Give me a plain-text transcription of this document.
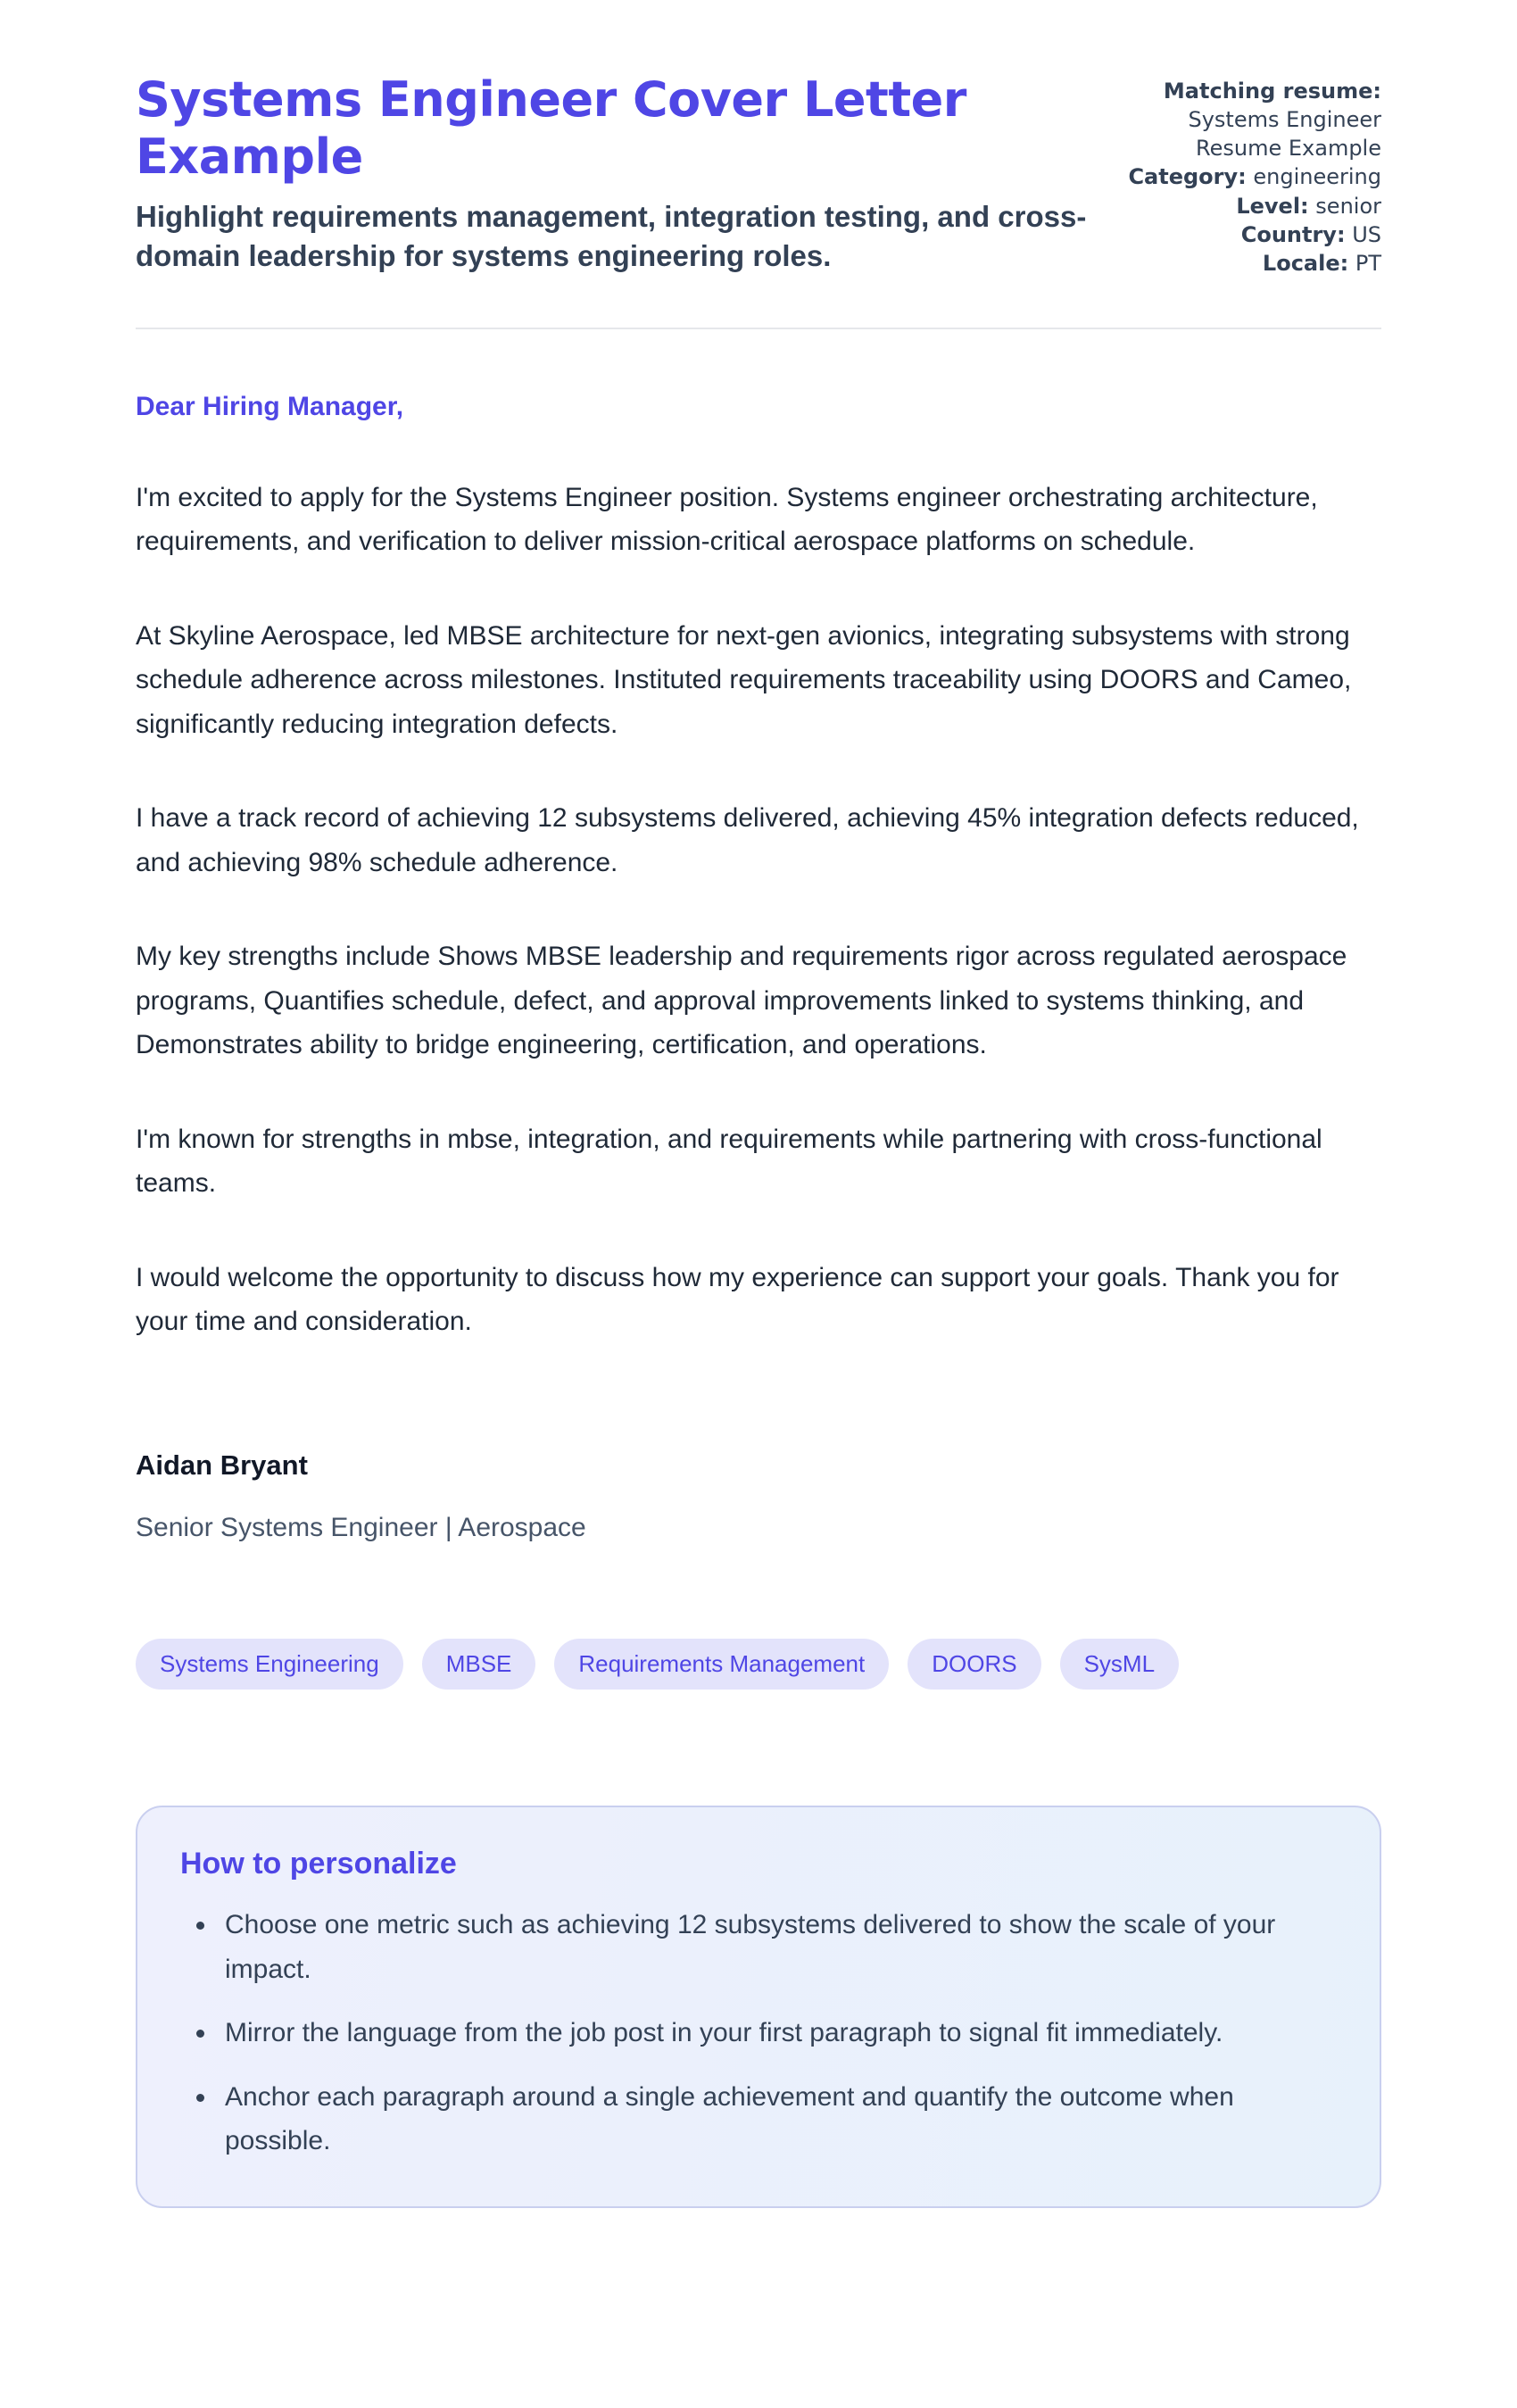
Systems Engineer Cover Letter Example

Highlight requirements management, integration testing, and cross-domain leadership for systems engineering roles.

Matching resume: Systems Engineer Resume Example
Category: engineering
Level: senior
Country: US
Locale: PT

Dear Hiring Manager,

I'm excited to apply for the Systems Engineer position. Systems engineer orchestrating architecture, requirements, and verification to deliver mission-critical aerospace platforms on schedule.

At Skyline Aerospace, led MBSE architecture for next-gen avionics, integrating subsystems with strong schedule adherence across milestones. Instituted requirements traceability using DOORS and Cameo, significantly reducing integration defects.

I have a track record of achieving 12 subsystems delivered, achieving 45% integration defects reduced, and achieving 98% schedule adherence.

My key strengths include Shows MBSE leadership and requirements rigor across regulated aerospace programs, Quantifies schedule, defect, and approval improvements linked to systems thinking, and Demonstrates ability to bridge engineering, certification, and operations.

I'm known for strengths in mbse, integration, and requirements while partnering with cross-functional teams.

I would welcome the opportunity to discuss how my experience can support your goals. Thank you for your time and consideration.

Aidan Bryant

Senior Systems Engineer | Aerospace

Systems Engineering	MBSE	Requirements Management	DOORS	SysML
How to personalize
• Choose one metric such as achieving 12 subsystems delivered to show the scale of your impact.
• Mirror the language from the job post in your first paragraph to signal fit immediately.
• Anchor each paragraph around a single achievement and quantify the outcome when possible.
